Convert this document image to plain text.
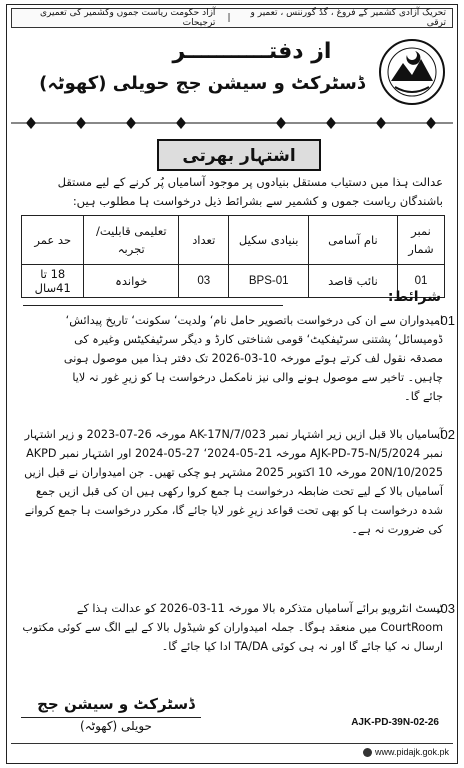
آزاد حکومت ریاست جموں وکشمیر کی تعمیری ترجیحات	|	تحریک آزادی کشمیر کے فروغ ، گڈ گورننس ، تعمیر و ترقی
از دفتـــــــــــر
ڈسٹرکٹ و سیشن جج حویلی (کھوٹہ)
اشتہار بھرتی
عدالت ہذا میں دستیاب مستقل بنیادوں پر موجود آسامیاں پُر کرنے کے لیے مستقل باشندگان ریاست جموں و کشمیر سے بشرائط ذیل درخواست ہا مطلوب ہیں:
حد عمر	تعلیمی قابلیت/ تجربہ	تعداد	بنیادی سکیل	نام آسامی	نمبر شمار
18 تا 41سال	خواندہ	03	BPS-01	نائب قاصد	01
شرائط:
.01
امیدواران سے ان کی درخواست باتصویر حامل نام‘ ولدیت‘ سکونت‘ تاریخ پیدائش‘ ڈومیسائل‘ پشتنی سرٹیفکیٹ‘ قومی شناختی کارڈ و دیگر سرٹیفکیٹس وغیرہ کی مصدقہ نقول لف کرتے ہوئے مورخہ 10-03-2026 تک دفتر ہذا میں موصول ہونی چاہیں۔ تاخیر سے موصول ہونے والی نیز نامکمل درخواست ہا کو زیرِ غور نہ لایا جائے گا۔
.02
آسامیاں بالا قبل ازیں زیر اشتہار نمبر AK-17N/7/023 مورخہ 26-07-2023 و زیر اشتہار نمبر AJK-PD-75-N/5/2024 مورخہ 21-05-2024‘ 27-05-2024 اور اشتہار نمبر AKPD 20N/10/2025 مورخہ 10 اکتوبر 2025 مشتہر ہو چکی تھیں۔ جن امیدواران نے قبل ازیں آسامیاں بالا کے لیے تحت ضابطہ درخواست ہا جمع کروا رکھی ہیں ان کی قبل ازیں جمع شدہ درخواست ہا کو بھی تحت قواعد زیرِ غور لایا جائے گا، مکرر درخواست ہا جمع کروانے کی ضرورت نہ ہے۔
.03
ٹیسٹ انٹرویو برائے آسامیاں متذکرہ بالا مورخہ 11-03-2026 کو عدالت ہذا کے CourtRoom میں منعقد ہوگا۔ جملہ امیدواران کو شیڈول بالا کے لیے الگ سے کوئی مکتوب ارسال نہ کیا جائے گا اور نہ ہی کوئی TA/DA ادا کیا جائے گا۔
ڈسٹرکٹ و سیشن جج
حویلی (کھوٹہ)	AJK-PD-39N-02-26
www.pidajk.gok.pk
